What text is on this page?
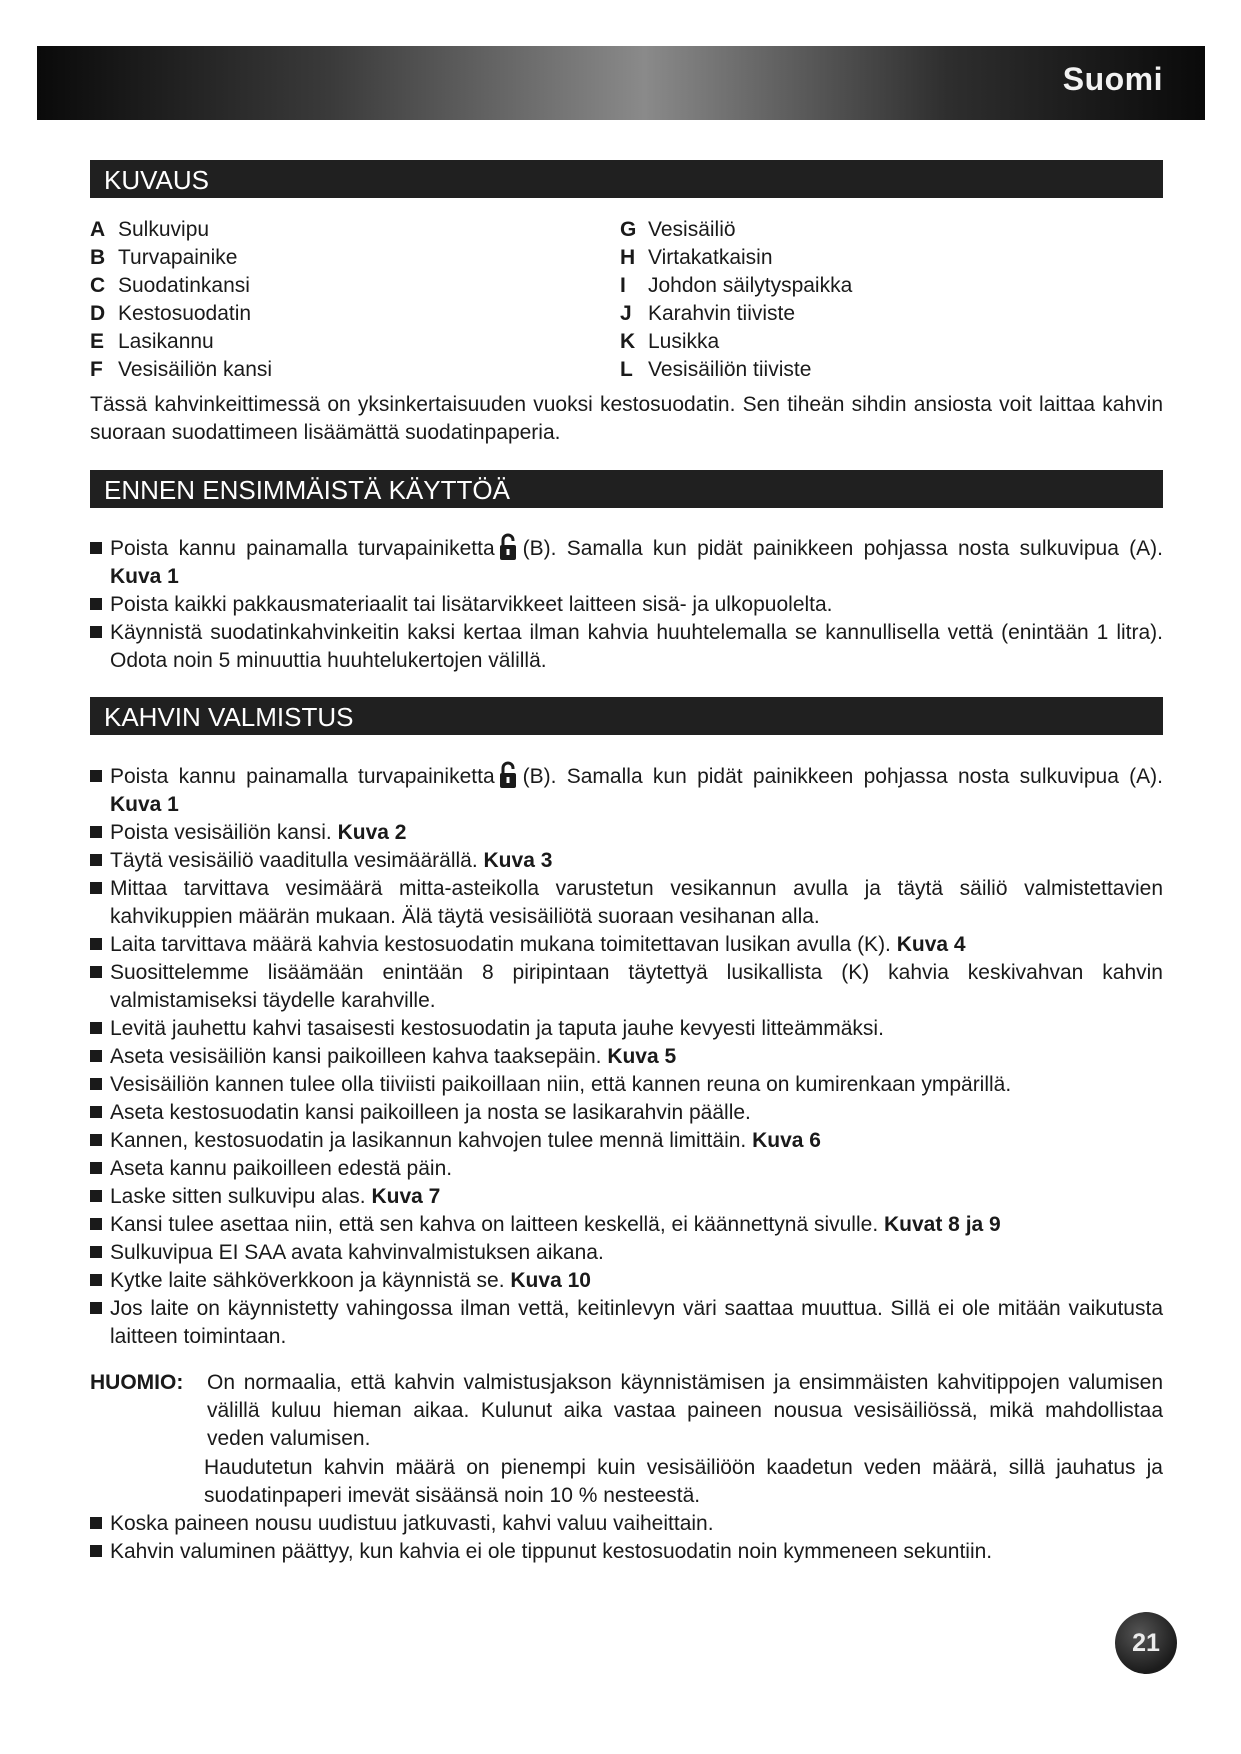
Suomi
KUVAUS
A Sulkuvipu
B Turvapainike
C Suodatinkansi
D Kestosuodatin
E Lasikannu
F Vesisäiliön kansi
G Vesisäiliö
H Virtakatkaisin
I Johdon säilytyspaikka
J Karahvin tiiviste
K Lusikka
L Vesisäiliön tiiviste
Tässä kahvinkeittimessä on yksinkertaisuuden vuoksi kestosuodatin. Sen tiheän sihdin ansiosta voit laittaa kahvin suoraan suodattimeen lisäämättä suodatinpaperia.
ENNEN ENSIMMÄISTÄ KÄYTTÖÄ
Poista kannu painamalla turvapainiketta (B). Samalla kun pidät painikkeen pohjassa nosta sulkuvipua (A). Kuva 1
Poista kaikki pakkausmateriaalit tai lisätarvikkeet laitteen sisä- ja ulkopuolelta.
Käynnistä suodatinkahvinkeitin kaksi kertaa ilman kahvia huuhtelemalla se kannullisella vettä (enintään 1 litra). Odota noin 5 minuuttia huuhtelukertojen välillä.
KAHVIN VALMISTUS
Poista kannu painamalla turvapainiketta (B). Samalla kun pidät painikkeen pohjassa nosta sulkuvipua (A). Kuva 1
Poista vesisäiliön kansi. Kuva 2
Täytä vesisäiliö vaaditulla vesimäärällä. Kuva 3
Mittaa tarvittava vesimäärä mitta-asteikolla varustetun vesikannun avulla ja täytä säiliö valmistettavien kahvikuppien määrän mukaan. Älä täytä vesisäiliötä suoraan vesihanan alla.
Laita tarvittava määrä kahvia kestosuodatin mukana toimitettavan lusikan avulla (K). Kuva 4
Suosittelemme lisäämään enintään 8 piripintaan täytettyä lusikallista (K) kahvia keskivahvan kahvin valmistamiseksi täydelle karahville.
Levitä jauhettu kahvi tasaisesti kestosuodatin ja taputa jauhe kevyesti litteämmäksi.
Aseta vesisäiliön kansi paikoilleen kahva taaksepäin. Kuva 5
Vesisäiliön kannen tulee olla tiiviisti paikoillaan niin, että kannen reuna on kumirenkaan ympärillä.
Aseta kestosuodatin kansi paikoilleen ja nosta se lasikarahvin päälle.
Kannen, kestosuodatin ja lasikannun kahvojen tulee mennä limittäin. Kuva 6
Aseta kannu paikoilleen edestä päin.
Laske sitten sulkuvipu alas. Kuva 7
Kansi tulee asettaa niin, että sen kahva on laitteen keskellä, ei käännettynä sivulle. Kuvat 8 ja 9
Sulkuvipua EI SAA avata kahvinvalmistuksen aikana.
Kytke laite sähköverkkoon ja käynnistä se. Kuva 10
Jos laite on käynnistetty vahingossa ilman vettä, keitinlevyn väri saattaa muuttua. Sillä ei ole mitään vaikutusta laitteen toimintaan.
HUOMIO: On normaalia, että kahvin valmistusjakson käynnistämisen ja ensimmäisten kahvitippojen valumisen välillä kuluu hieman aikaa. Kulunut aika vastaa paineen nousua vesisäiliössä, mikä mahdollistaa veden valumisen.
Haudutetun kahvin määrä on pienempi kuin vesisäiliöön kaadetun veden määrä, sillä jauhatus ja suodatinpaperi imevät sisäänsä noin 10 % nesteestä.
Koska paineen nousu uudistuu jatkuvasti, kahvi valuu vaiheittain.
Kahvin valuminen päättyy, kun kahvia ei ole tippunut kestosuodatin noin kymmeneen sekuntiin.
21
